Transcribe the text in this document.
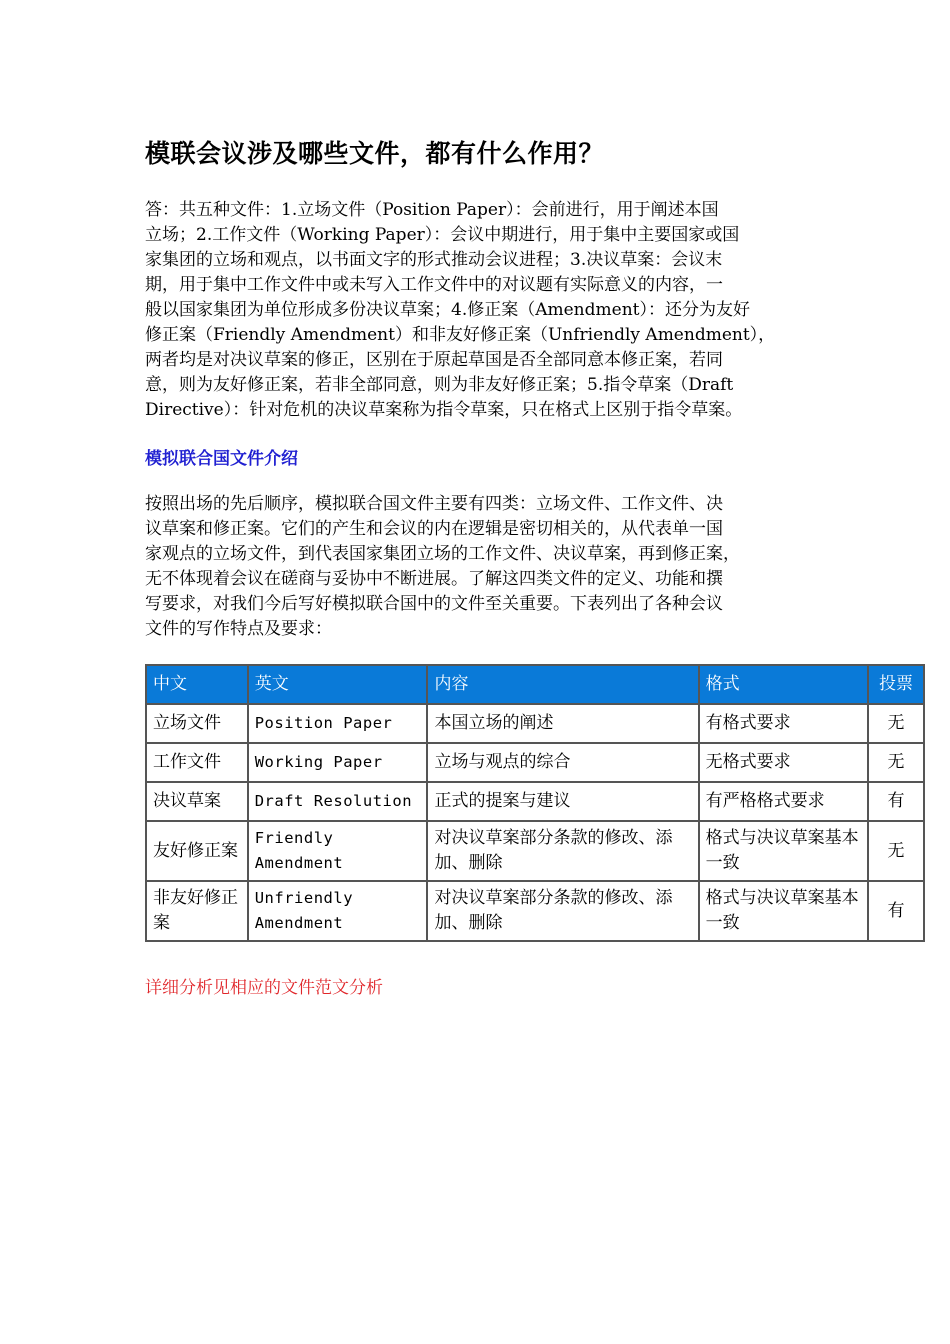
模联会议涉及哪些文件，都有什么作用？
答：共五种文件：1.立场文件（Position Paper）：会前进行，用于阐述本国
立场；2.工作文件（Working Paper）：会议中期进行，用于集中主要国家或国
家集团的立场和观点，以书面文字的形式推动会议进程；3.决议草案：会议末
期，用于集中工作文件中或未写入工作文件中的对议题有实际意义的内容，一
般以国家集团为单位形成多份决议草案；4.修正案（Amendment）：还分为友好
修正案（Friendly Amendment）和非友好修正案（Unfriendly Amendment），
两者均是对决议草案的修正，区别在于原起草国是否全部同意本修正案，若同
意，则为友好修正案，若非全部同意，则为非友好修正案；5.指令草案（Draft
Directive）：针对危机的决议草案称为指令草案，只在格式上区别于指令草案。
模拟联合国文件介绍
按照出场的先后顺序，模拟联合国文件主要有四类：立场文件、工作文件、决
议草案和修正案。它们的产生和会议的内在逻辑是密切相关的，从代表单一国
家观点的立场文件，到代表国家集团立场的工作文件、决议草案，再到修正案，
无不体现着会议在磋商与妥协中不断进展。了解这四类文件的定义、功能和撰
写要求，对我们今后写好模拟联合国中的文件至关重要。下表列出了各种会议
文件的写作特点及要求：
中文	英文	内容	格式	投票
立场文件	Position Paper	本国立场的阐述	有格式要求	无
工作文件	Working Paper	立场与观点的综合	无格式要求	无
决议草案	Draft Resolution	正式的提案与建议	有严格格式要求	有
友好修正案	Friendly Amendment	对决议草案部分条款的修改、添加、删除	格式与决议草案基本一致	无
非友好修正案	Unfriendly Amendment	对决议草案部分条款的修改、添加、删除	格式与决议草案基本一致	有

详细分析见相应的文件范文分析
